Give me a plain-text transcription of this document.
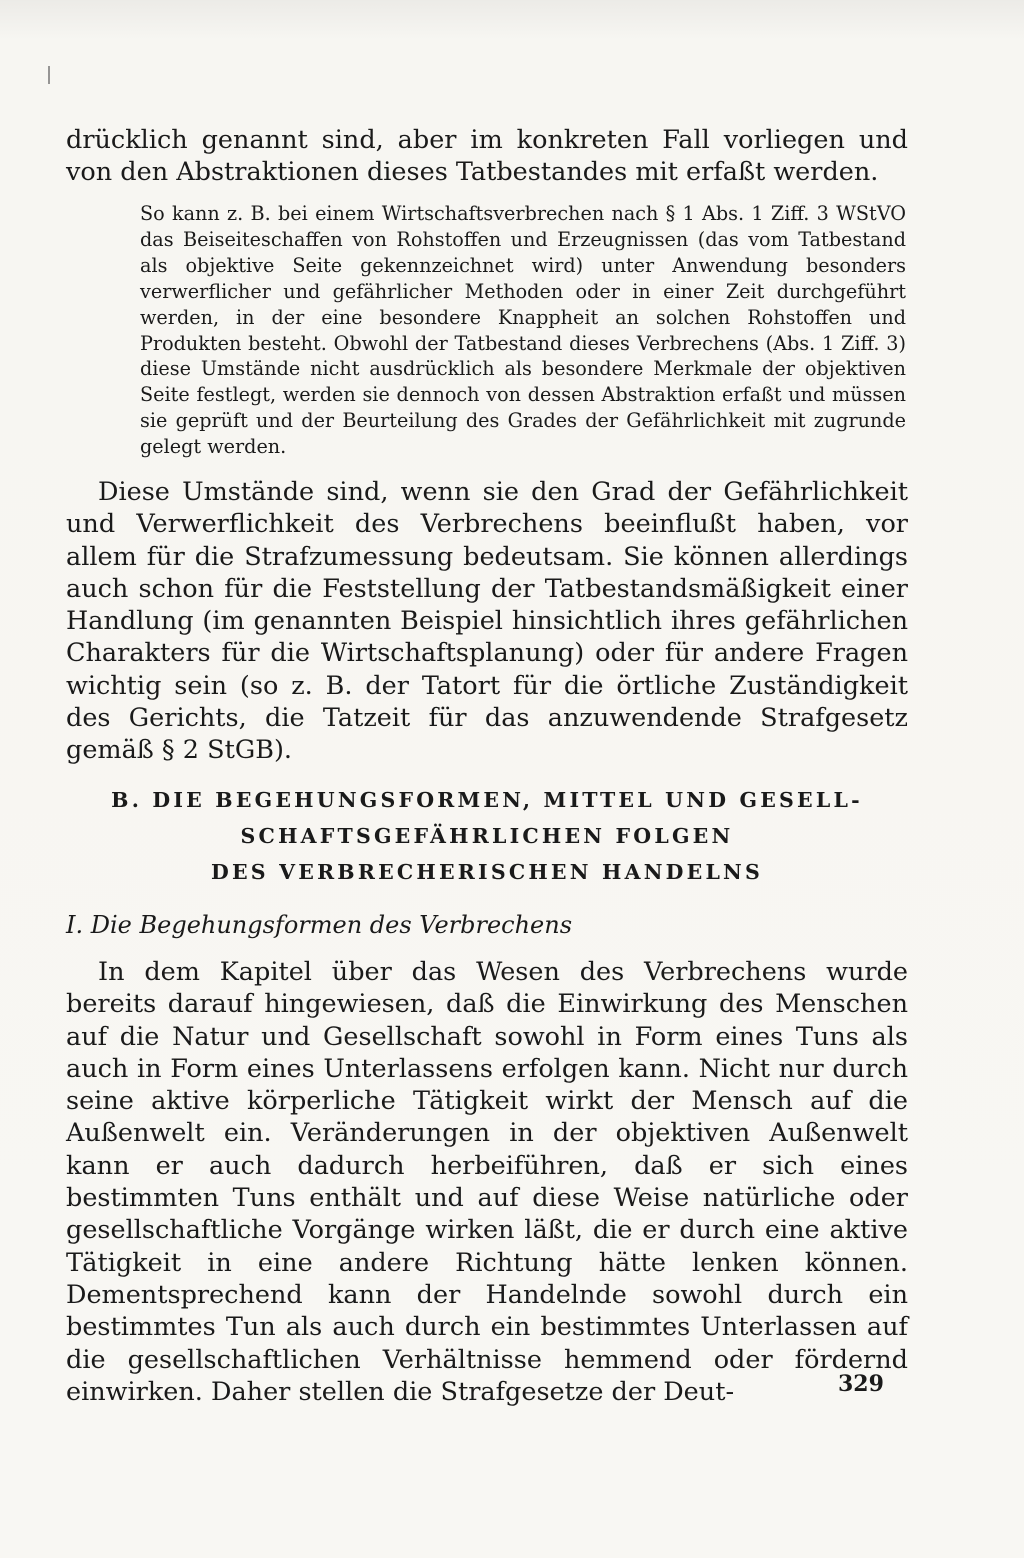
drücklich genannt sind, aber im konkreten Fall vorliegen und von den Abstraktionen dieses Tatbestandes mit erfaßt werden.

So kann z. B. bei einem Wirtschaftsverbrechen nach § 1 Abs. 1 Ziff. 3 WStVO das Beiseiteschaffen von Rohstoffen und Erzeugnissen (das vom Tatbestand als objektive Seite gekennzeichnet wird) unter Anwendung besonders verwerflicher und gefährlicher Methoden oder in einer Zeit durchgeführt werden, in der eine besondere Knappheit an solchen Rohstoffen und Produkten besteht. Obwohl der Tatbestand dieses Verbrechens (Abs. 1 Ziff. 3) diese Umstände nicht ausdrücklich als besondere Merkmale der objektiven Seite festlegt, werden sie dennoch von dessen Abstraktion erfaßt und müssen sie geprüft und der Beurteilung des Grades der Gefährlichkeit mit zugrunde gelegt werden.

Diese Umstände sind, wenn sie den Grad der Gefährlichkeit und Verwerflichkeit des Verbrechens beeinflußt haben, vor allem für die Strafzumessung bedeutsam. Sie können allerdings auch schon für die Feststellung der Tatbestandsmäßigkeit einer Handlung (im genannten Beispiel hinsichtlich ihres gefährlichen Charakters für die Wirtschaftsplanung) oder für andere Fragen wichtig sein (so z. B. der Tatort für die örtliche Zuständigkeit des Gerichts, die Tatzeit für das anzuwendende Strafgesetz gemäß § 2 StGB).

B. DIE BEGEHUNGSFORMEN, MITTEL UND GESELL-
SCHAFTSGEFÄHRLICHEN FOLGEN
DES VERBRECHERISCHEN HANDELNS
I. Die Begehungsformen des Verbrechens

In dem Kapitel über das Wesen des Verbrechens wurde bereits darauf hingewiesen, daß die Einwirkung des Menschen auf die Natur und Gesellschaft sowohl in Form eines Tuns als auch in Form eines Unterlassens erfolgen kann. Nicht nur durch seine aktive körperliche Tätigkeit wirkt der Mensch auf die Außenwelt ein. Veränderungen in der objektiven Außenwelt kann er auch dadurch herbeiführen, daß er sich eines bestimmten Tuns enthält und auf diese Weise natürliche oder gesellschaftliche Vorgänge wirken läßt, die er durch eine aktive Tätigkeit in eine andere Richtung hätte lenken können. Dementsprechend kann der Handelnde sowohl durch ein bestimmtes Tun als auch durch ein bestimmtes Unterlassen auf die gesellschaftlichen Verhältnisse hemmend oder fördernd einwirken. Daher stellen die Strafgesetze der Deut-	329
